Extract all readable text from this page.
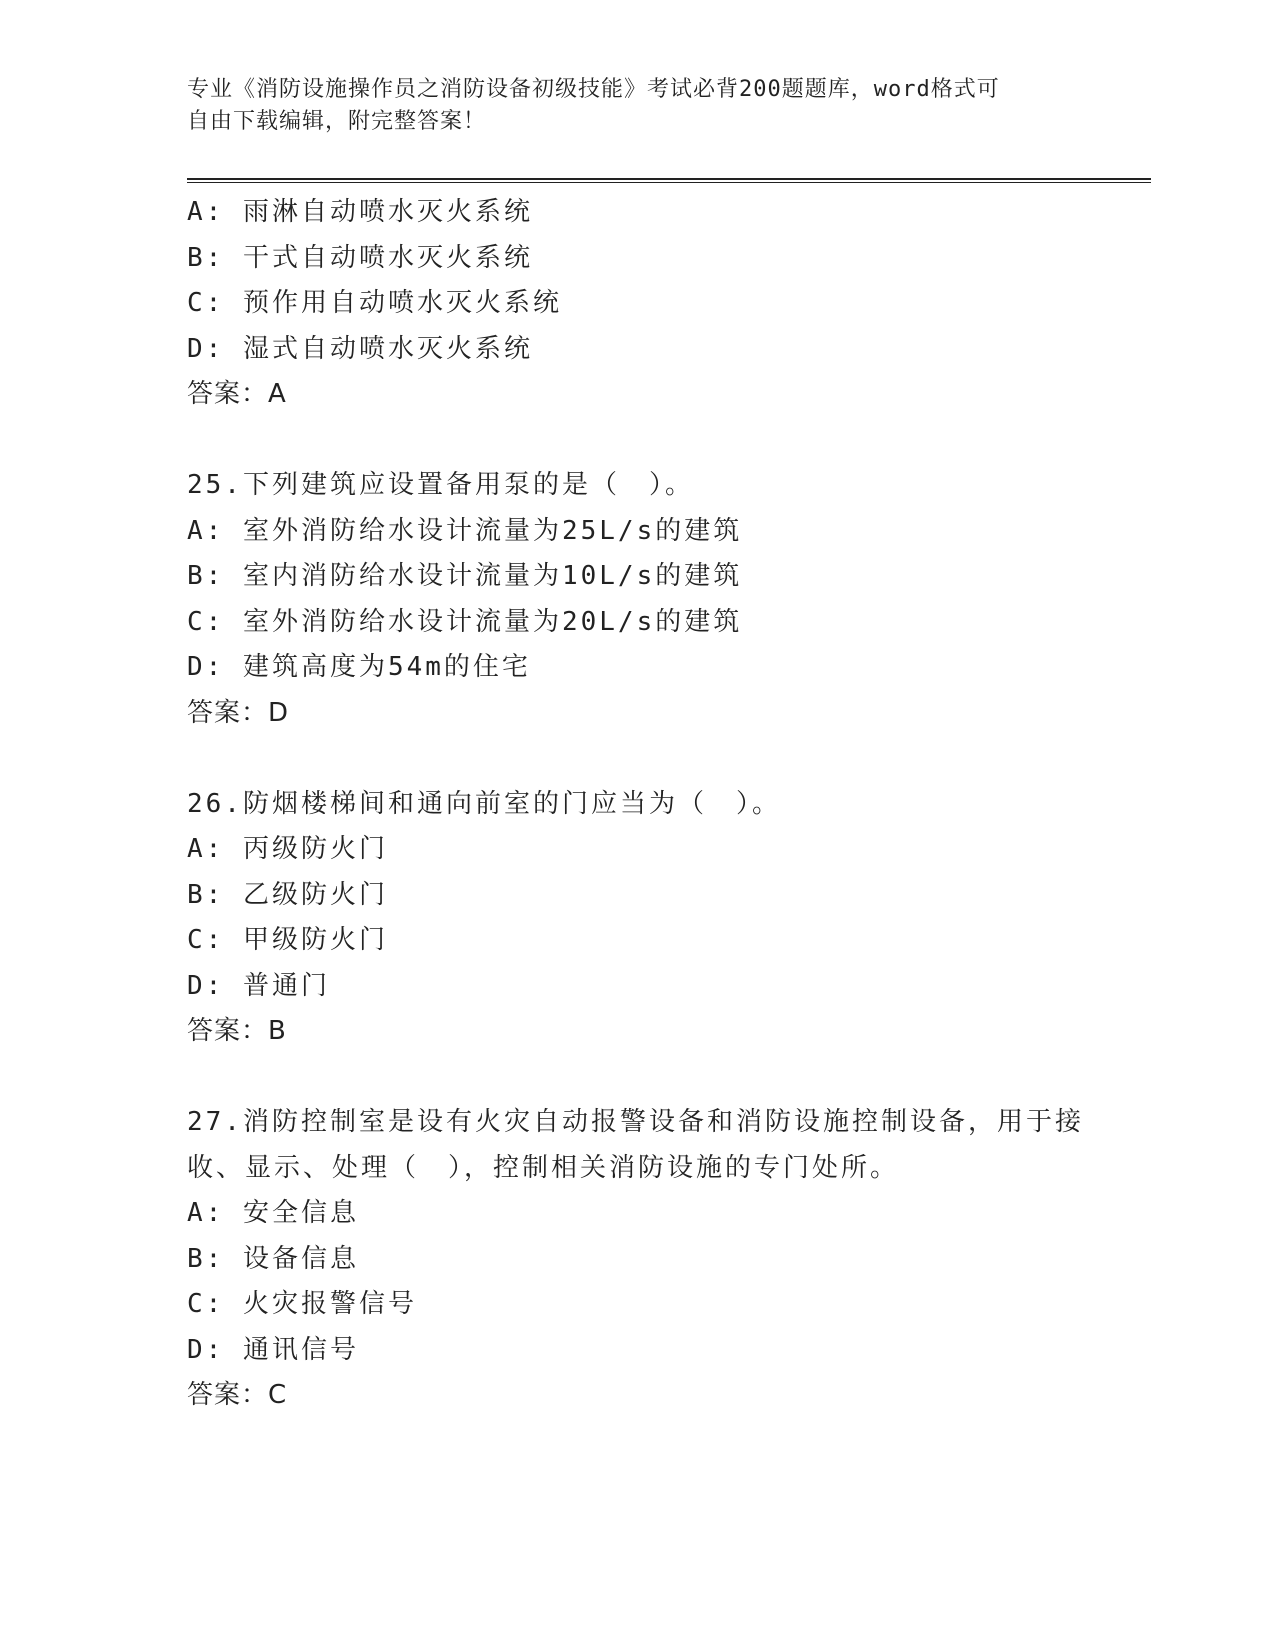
专业《消防设施操作员之消防设备初级技能》考试必背200题题库，word格式可
自由下载编辑，附完整答案！
A: 雨淋自动喷水灭火系统
B: 干式自动喷水灭火系统
C: 预作用自动喷水灭火系统
D: 湿式自动喷水灭火系统
答案：A
25.下列建筑应设置备用泵的是（　）。
A: 室外消防给水设计流量为25L/s的建筑
B: 室内消防给水设计流量为10L/s的建筑
C: 室外消防给水设计流量为20L/s的建筑
D: 建筑高度为54m的住宅
答案：D
26.防烟楼梯间和通向前室的门应当为（　）。
A: 丙级防火门
B: 乙级防火门
C: 甲级防火门
D: 普通门
答案：B
27.消防控制室是设有火灾自动报警设备和消防设施控制设备，用于接
收、显示、处理（　），控制相关消防设施的专门处所。
A: 安全信息
B: 设备信息
C: 火灾报警信号
D: 通讯信号
答案：C
